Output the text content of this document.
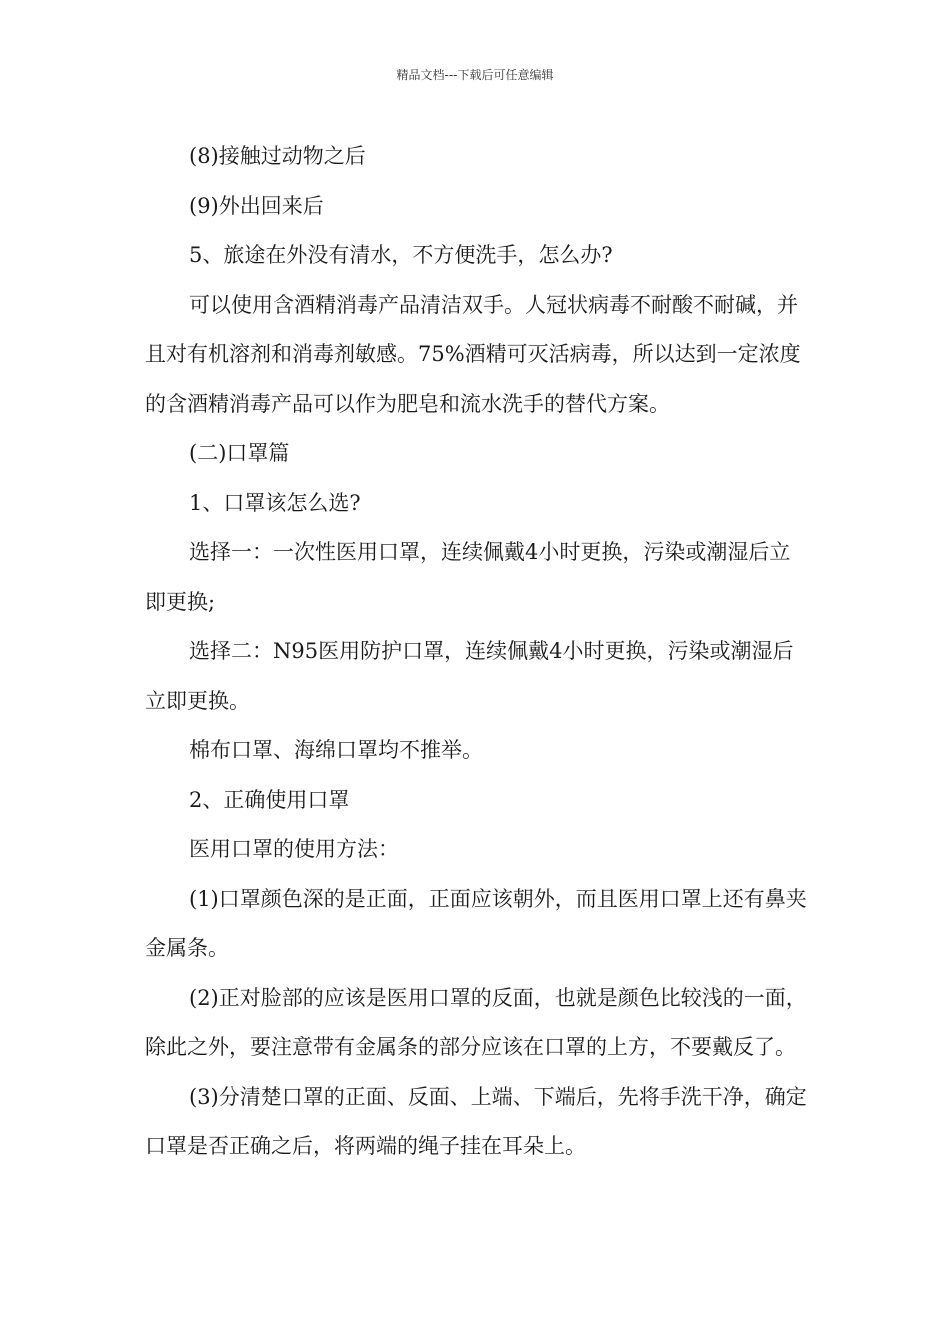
精品文档---下载后可任意编辑

(8)接触过动物之后

(9)外出回来后

5、旅途在外没有清水，不方便洗手，怎么办?

可以使用含酒精消毒产品清洁双手。人冠状病毒不耐酸不耐碱，并且对有机溶剂和消毒剂敏感。75%酒精可灭活病毒，所以达到一定浓度的含酒精消毒产品可以作为肥皂和流水洗手的替代方案。

(二)口罩篇

1、口罩该怎么选?

选择一：一次性医用口罩，连续佩戴4小时更换，污染或潮湿后立即更换;

选择二：N95医用防护口罩，连续佩戴4小时更换，污染或潮湿后立即更换。

棉布口罩、海绵口罩均不推举。

2、正确使用口罩

医用口罩的使用方法：

(1)口罩颜色深的是正面，正面应该朝外，而且医用口罩上还有鼻夹金属条。

(2)正对脸部的应该是医用口罩的反面，也就是颜色比较浅的一面，除此之外，要注意带有金属条的部分应该在口罩的上方，不要戴反了。

(3)分清楚口罩的正面、反面、上端、下端后，先将手洗干净，确定口罩是否正确之后，将两端的绳子挂在耳朵上。
